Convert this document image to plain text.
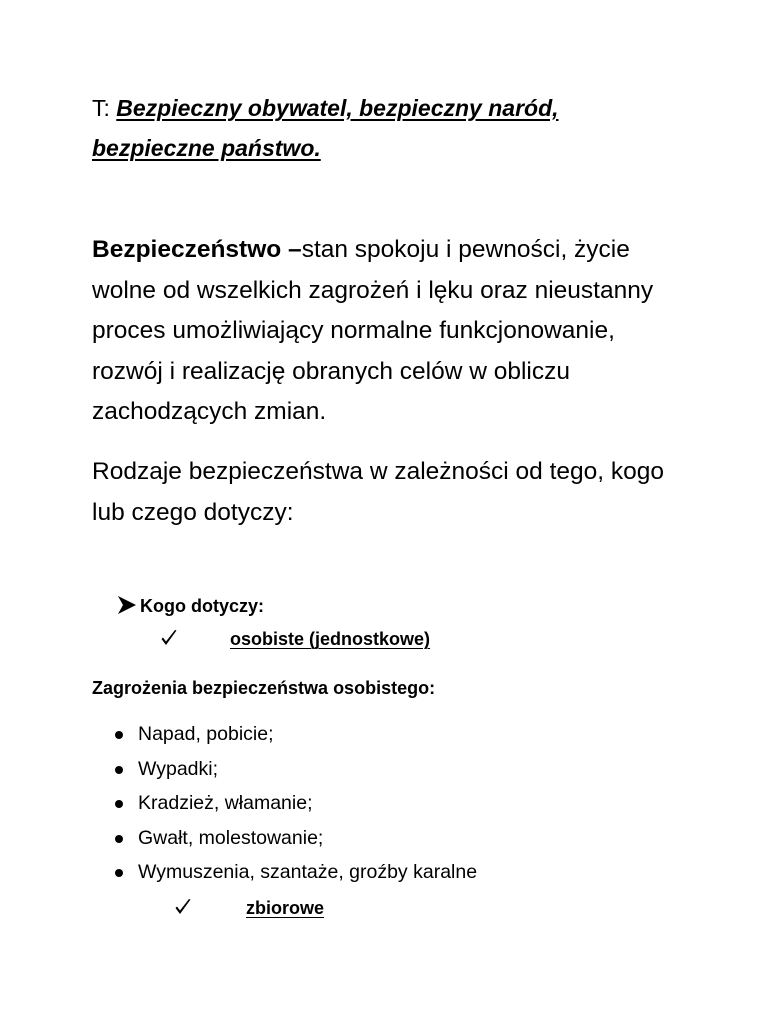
T: Bezpieczny obywatel, bezpieczny naród,
bezpieczne państwo.

Bezpieczeństwo –stan spokoju i pewności, życie wolne od wszelkich zagrożeń i lęku oraz nieustanny proces umożliwiający normalne funkcjonowanie, rozwój i realizację obranych celów w obliczu zachodzących zmian.

Rodzaje bezpieczeństwa w zależności od tego, kogo lub czego dotyczy:

Kogo dotyczy:
osobiste (jednostkowe)
Zagrożenia bezpieczeństwa osobistego:
Napad, pobicie;
Wypadki;
Kradzież, włamanie;
Gwałt, molestowanie;
Wymuszenia, szantaże, groźby karalne
zbiorowe
